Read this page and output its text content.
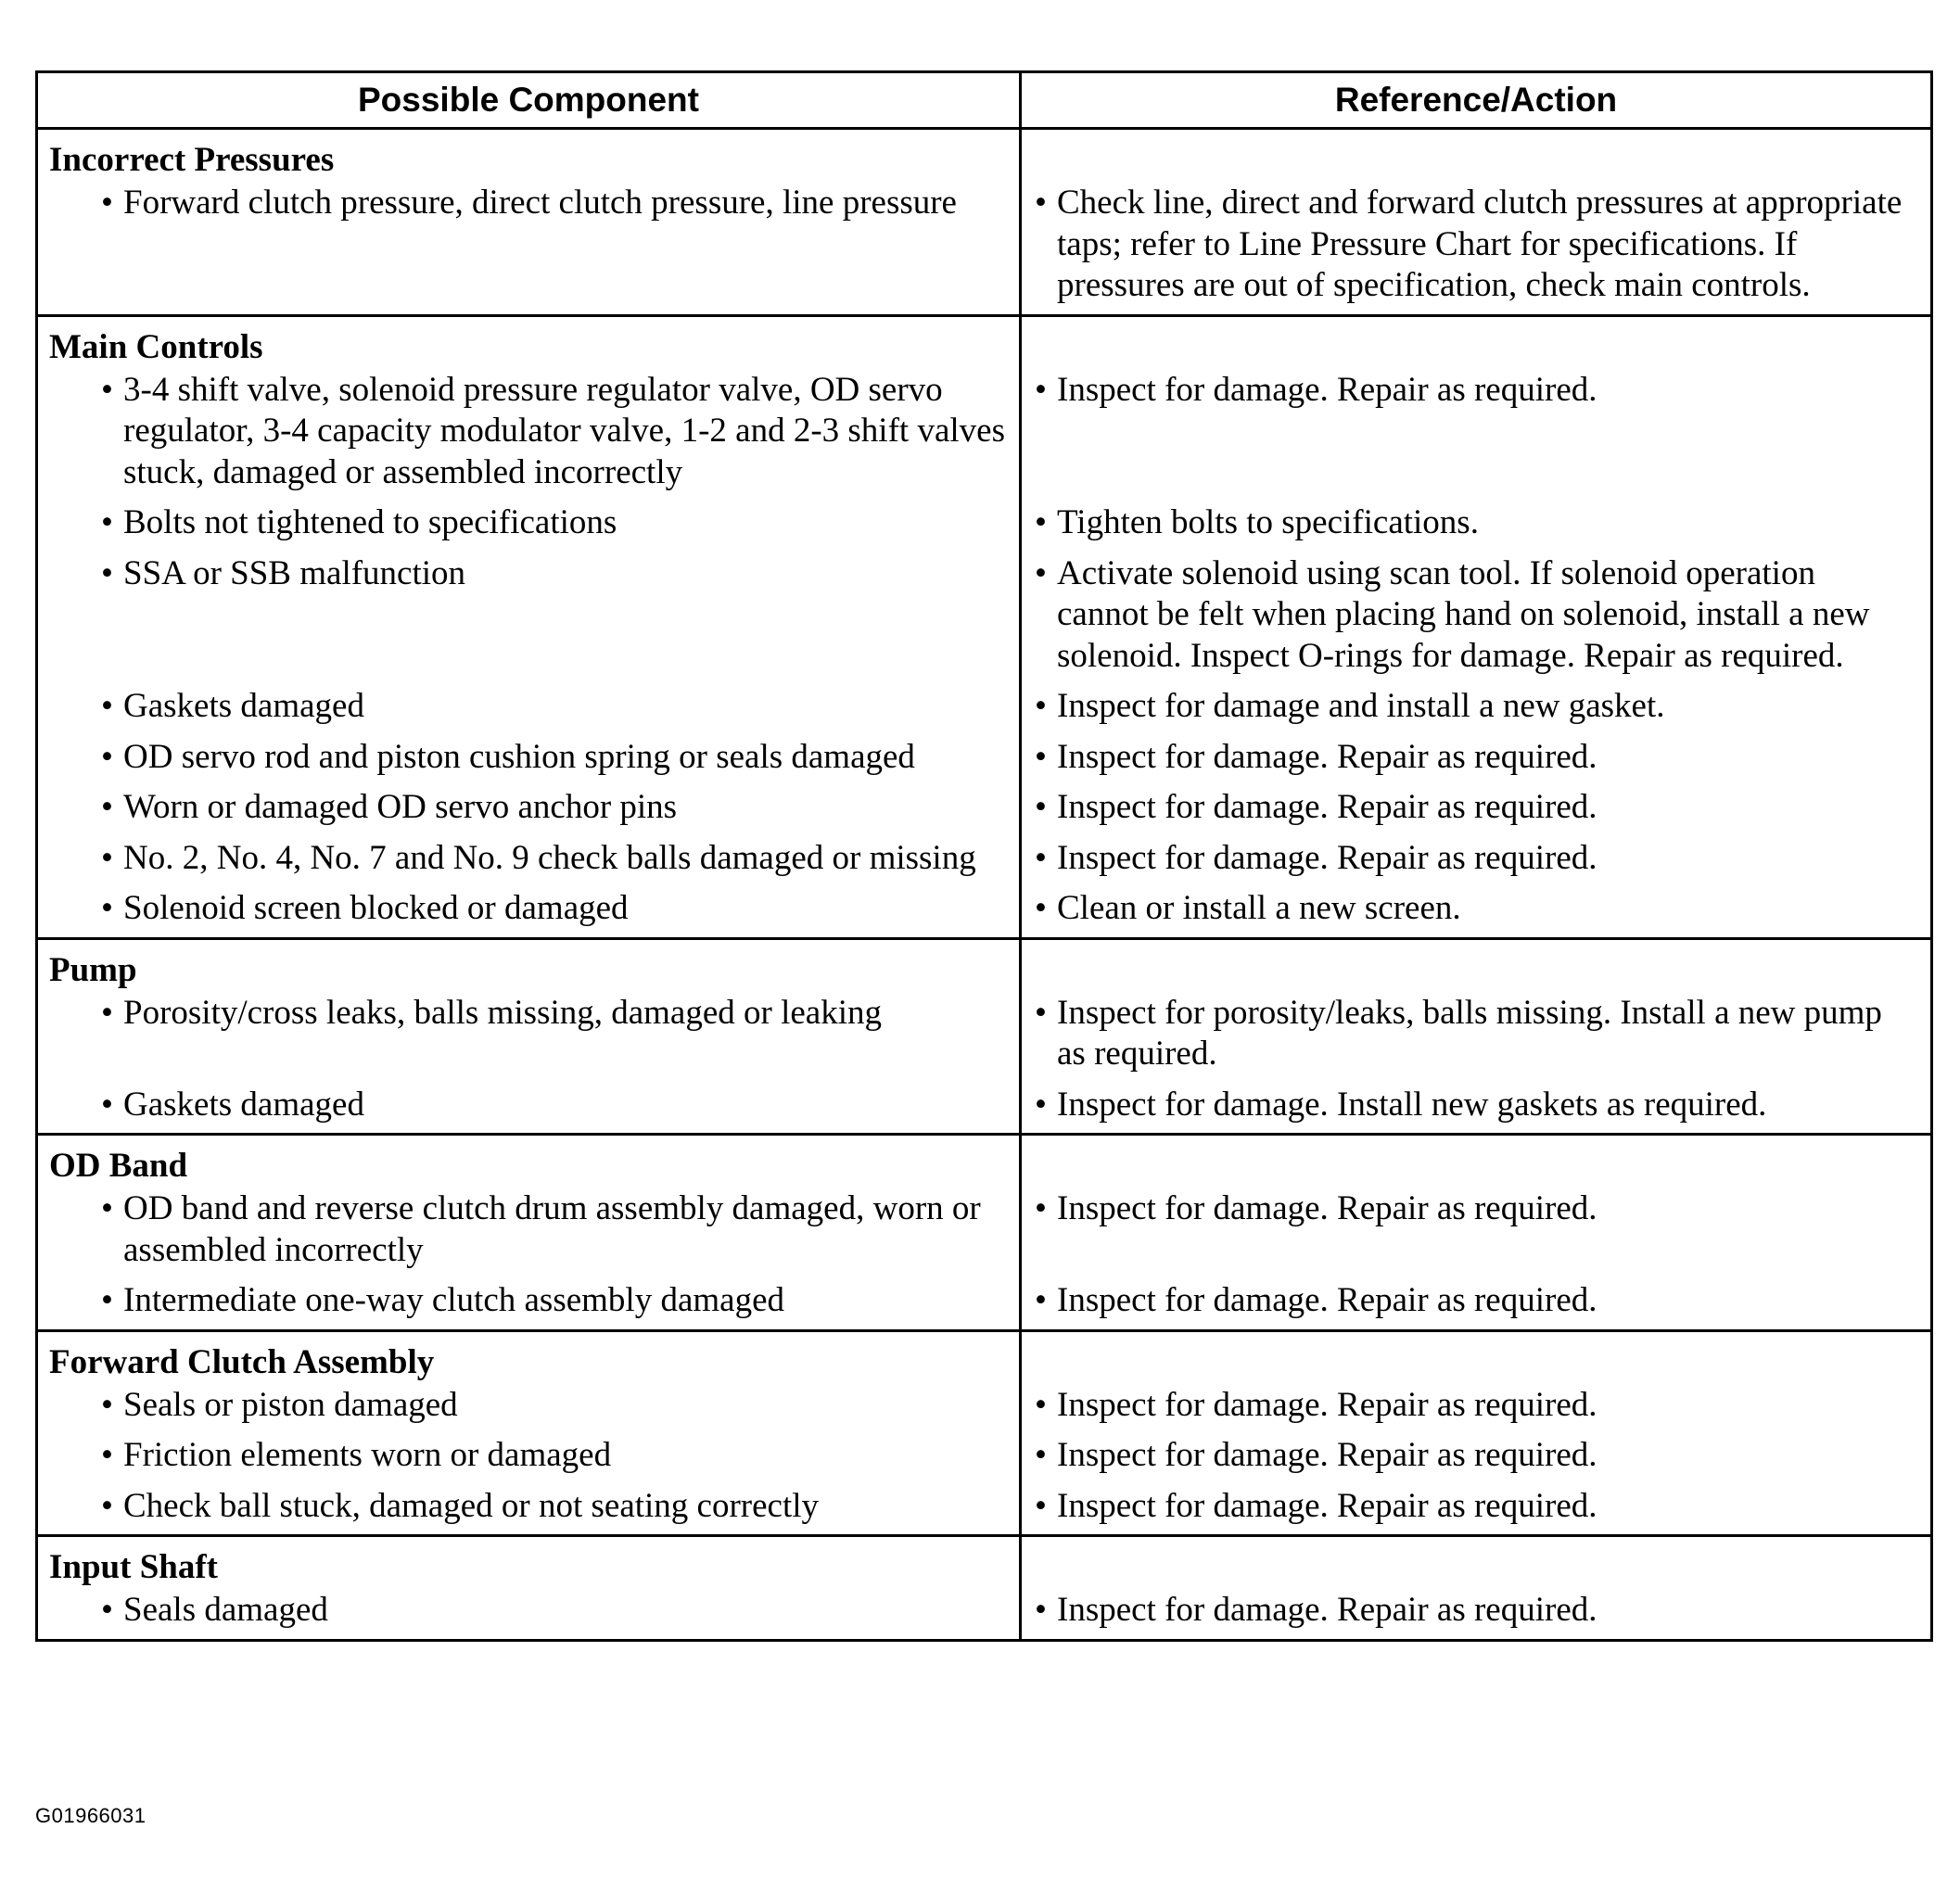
Possible Component	Reference/Action

Incorrect Pressures	

• Forward clutch pressure, direct clutch pressure, line pressure	• Check line, direct and forward clutch pressures at appropriate taps; refer to Line Pressure Chart for specifications. If pressures are out of specification, check main controls.

Main Controls	

• 3-4 shift valve, solenoid pressure regulator valve, OD servo regulator, 3-4 capacity modulator valve, 1-2 and 2-3 shift valves stuck, damaged or assembled incorrectly	• Inspect for damage. Repair as required.

• Bolts not tightened to specifications	• Tighten bolts to specifications.

• SSA or SSB malfunction	• Activate solenoid using scan tool. If solenoid operation cannot be felt when placing hand on solenoid, install a new solenoid. Inspect O-rings for damage. Repair as required.

• Gaskets damaged	• Inspect for damage and install a new gasket.

• OD servo rod and piston cushion spring or seals damaged	• Inspect for damage. Repair as required.

• Worn or damaged OD servo anchor pins	• Inspect for damage. Repair as required.

• No. 2, No. 4, No. 7 and No. 9 check balls damaged or missing	• Inspect for damage. Repair as required.

• Solenoid screen blocked or damaged	• Clean or install a new screen.

Pump	

• Porosity/cross leaks, balls missing, damaged or leaking	• Inspect for porosity/leaks, balls missing. Install a new pump as required.

• Gaskets damaged	• Inspect for damage. Install new gaskets as required.

OD Band	

• OD band and reverse clutch drum assembly damaged, worn or assembled incorrectly	• Inspect for damage. Repair as required.

• Intermediate one-way clutch assembly damaged	• Inspect for damage. Repair as required.

Forward Clutch Assembly	

• Seals or piston damaged	• Inspect for damage. Repair as required.

• Friction elements worn or damaged	• Inspect for damage. Repair as required.

• Check ball stuck, damaged or not seating correctly	• Inspect for damage. Repair as required.

Input Shaft	

• Seals damaged	• Inspect for damage. Repair as required.
G01966031
